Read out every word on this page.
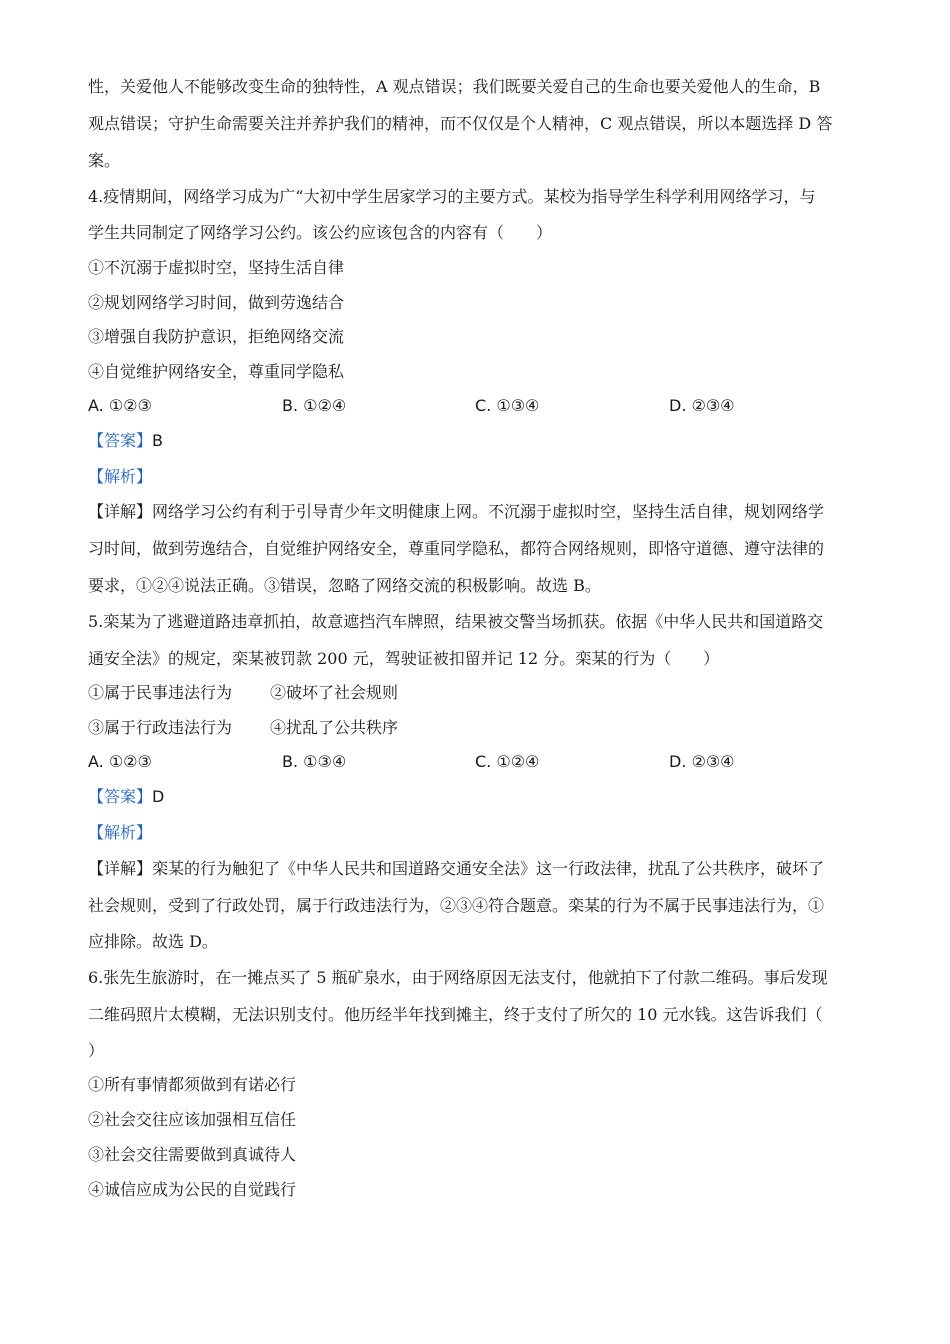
性，关爱他人不能够改变生命的独特性，A 观点错误；我们既要关爱自己的生命也要关爱他人的生命，B
观点错误；守护生命需要关注并养护我们的精神，而不仅仅是个人精神，C 观点错误，所以本题选择 D 答
案。
4.疫情期间，网络学习成为广“大初中学生居家学习的主要方式。某校为指导学生科学利用网络学习，与
学生共同制定了网络学习公约。该公约应该包含的内容有（　　）
①不沉溺于虚拟时空，坚持生活自律
②规划网络学习时间，做到劳逸结合
③增强自我防护意识，拒绝网络交流
④自觉维护网络安全，尊重同学隐私
A. ①②③	B. ①②④	C. ①③④	D. ②③④
【答案】B
【解析】
【详解】网络学习公约有利于引导青少年文明健康上网。不沉溺于虚拟时空，坚持生活自律，规划网络学
习时间，做到劳逸结合，自觉维护网络安全，尊重同学隐私，都符合网络规则，即恪守道德、遵守法律的
要求，①②④说法正确。③错误，忽略了网络交流的积极影响。故选 B。
5.栾某为了逃避道路违章抓拍，故意遮挡汽车牌照，结果被交警当场抓获。依据《中华人民共和国道路交
通安全法》的规定，栾某被罚款 200 元，驾驶证被扣留并记 12 分。栾某的行为（　　）
①属于民事违法行为 ②破坏了社会规则
③属于行政违法行为 ④扰乱了公共秩序
A. ①②③	B. ①③④	C. ①②④	D. ②③④
【答案】D
【解析】
【详解】栾某的行为触犯了《中华人民共和国道路交通安全法》这一行政法律，扰乱了公共秩序，破坏了
社会规则，受到了行政处罚，属于行政违法行为，②③④符合题意。栾某的行为不属于民事违法行为，①
应排除。故选 D。
6.张先生旅游时，在一摊点买了 5 瓶矿泉水，由于网络原因无法支付，他就拍下了付款二维码。事后发现
二维码照片太模糊，无法识别支付。他历经半年找到摊主，终于支付了所欠的 10 元水钱。这告诉我们（
）
①所有事情都须做到有诺必行
②社会交往应该加强相互信任
③社会交往需要做到真诚待人
④诚信应成为公民的自觉践行
